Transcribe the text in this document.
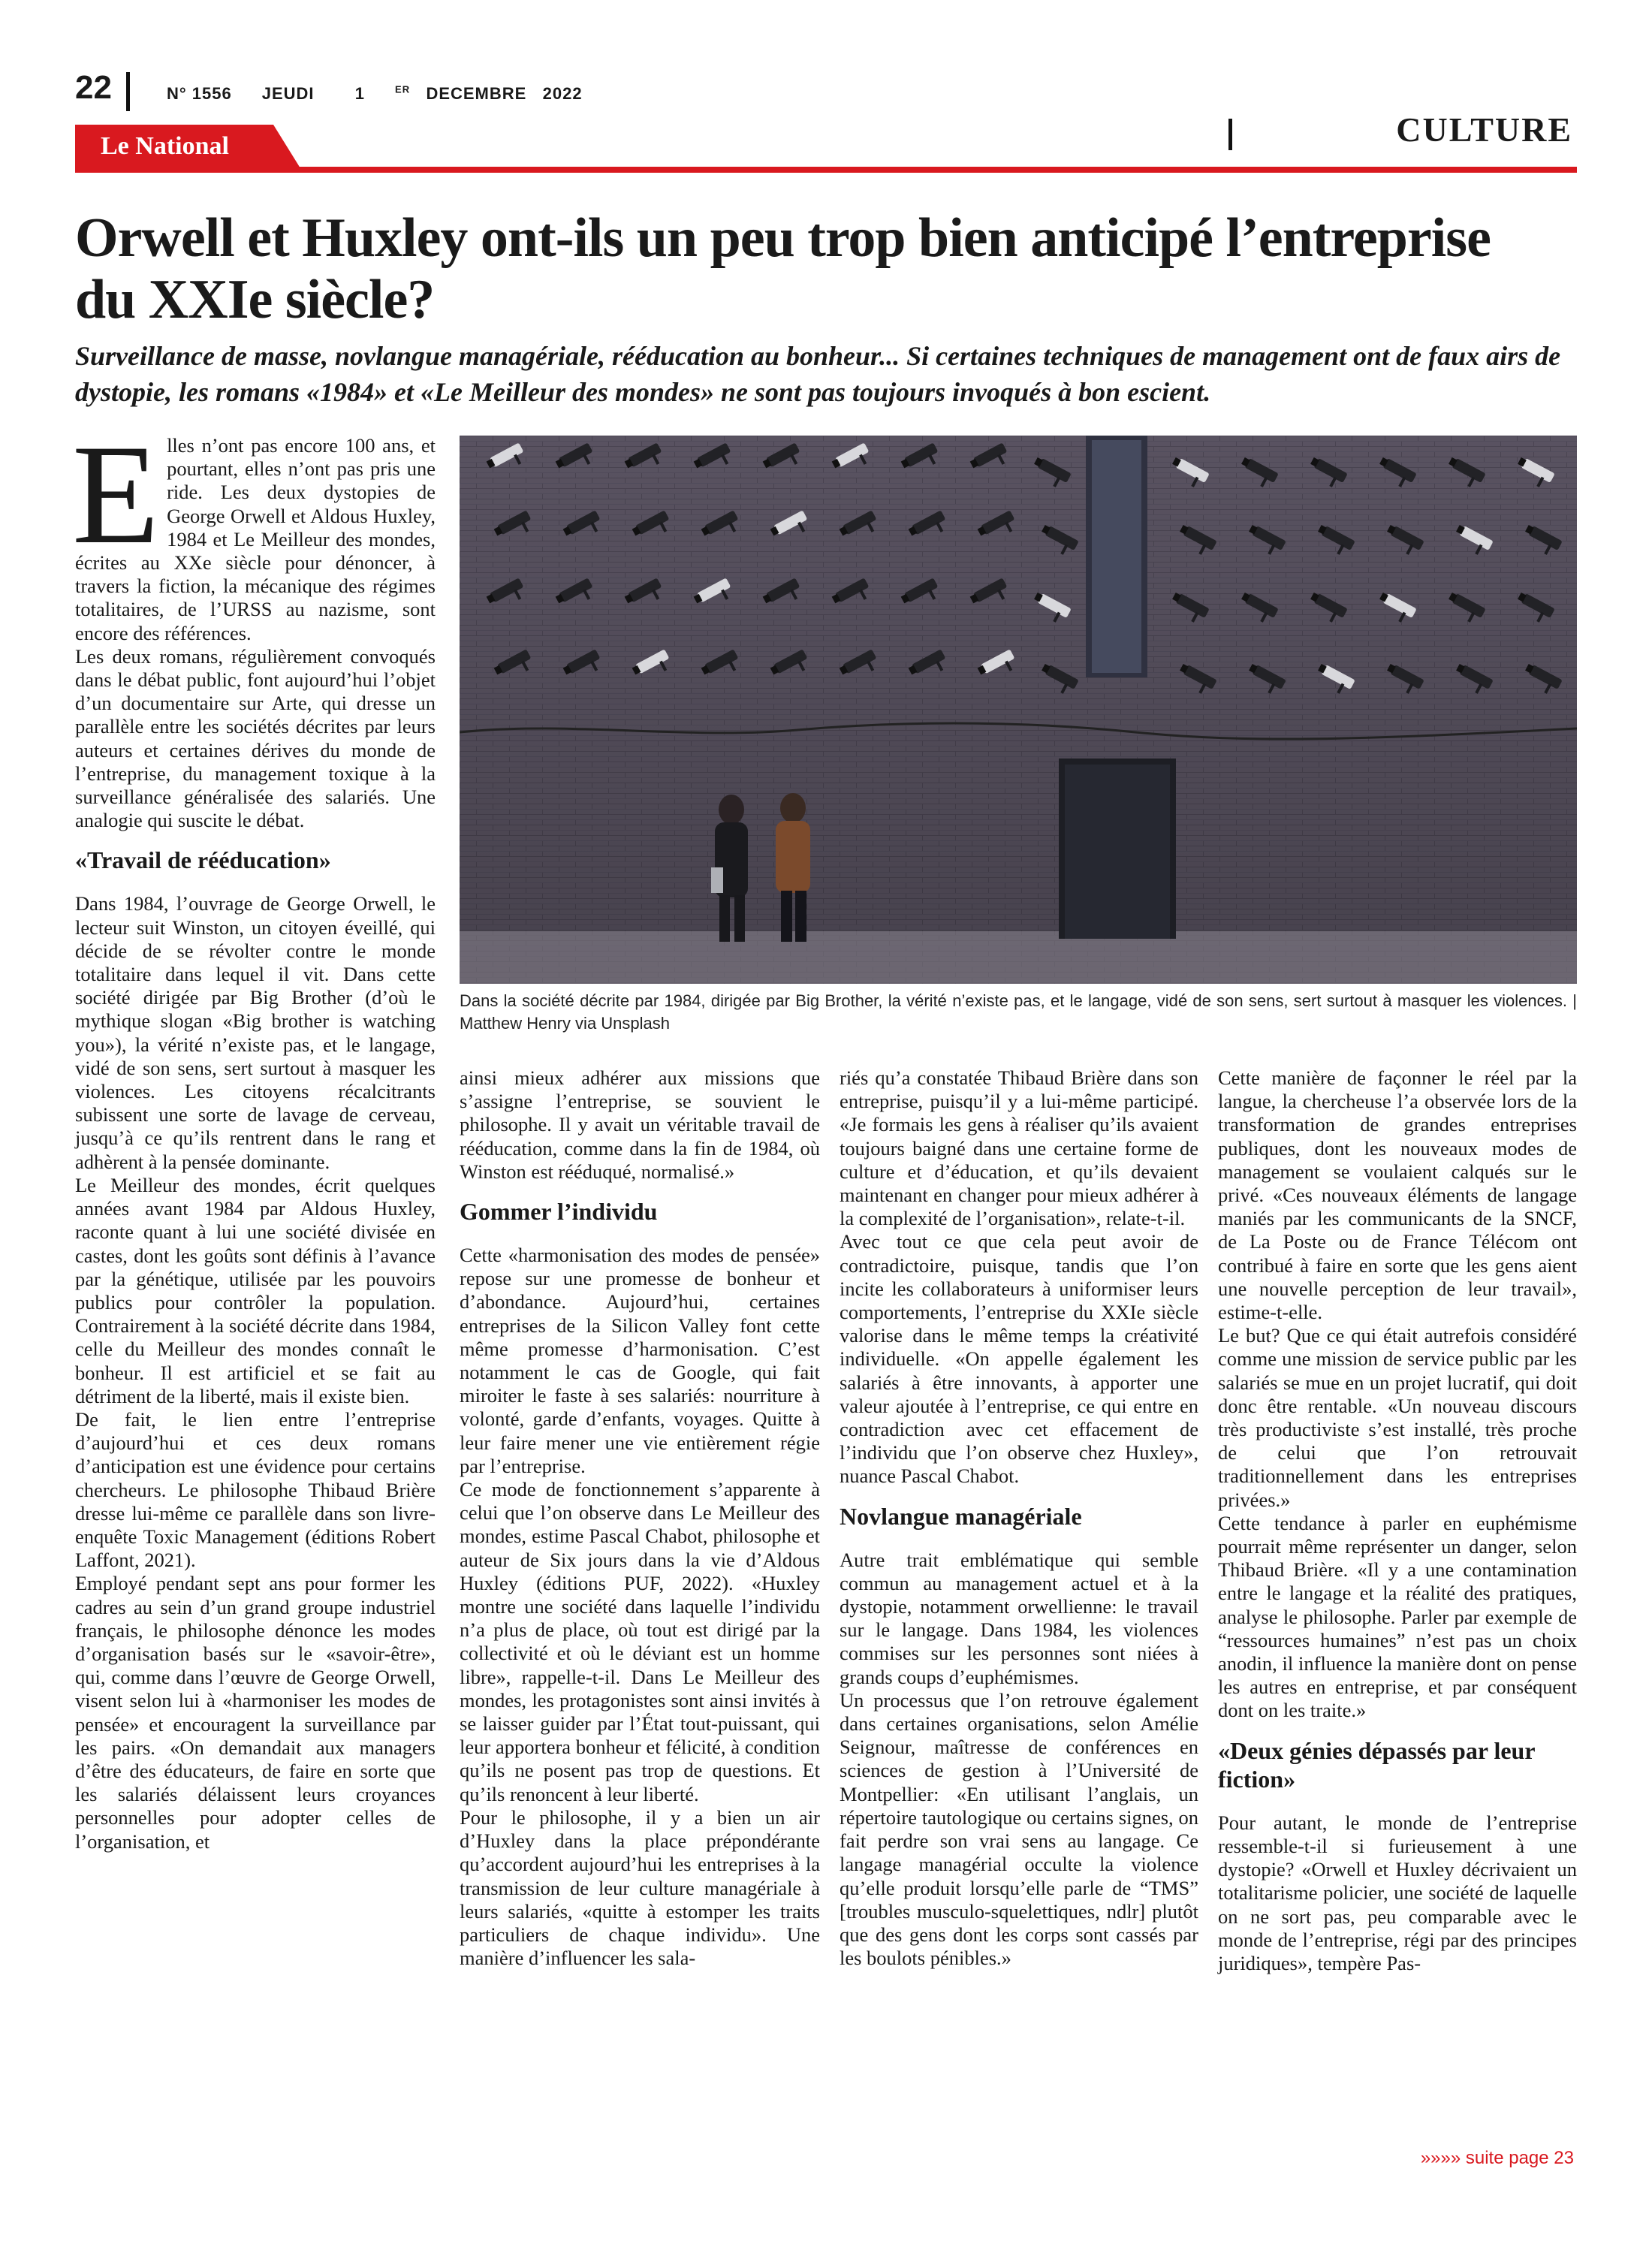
22	N° 1556 JEUDI 1	$^{ER}$ DECEMBRE   2022
Le National	CULTURE
Orwell et Huxley ont-ils un peu trop bien anticipé l’entreprise
du XXIe siècle?
Surveillance de masse, novlangue managériale, rééducation au bonheur... Si certaines techniques de management ont de faux airs de dystopie, les romans «1984» et «Le Meilleur des mondes» ne sont pas toujours invoqués à bon escient.
Dans la société décrite par 1984, dirigée par Big Brother, la vérité n’existe pas, et le langage, vidé de son sens, sert surtout à masquer les violences. | Matthew Henry via Unsplash
E lles n’ont pas encore 100 ans, et pourtant, elles n’ont pas pris une ride. Les deux dystopies de George Orwell et Aldous Huxley, 1984 et Le Meilleur des mondes, écrites au XXe siècle pour dénoncer, à travers la fiction, la mécanique des régimes totalitaires, de l’URSS au nazisme, sont encore des références.

Les deux romans, régulièrement convoqués dans le débat public, font aujourd’hui l’objet d’un documentaire sur Arte, qui dresse un parallèle entre les sociétés décrites par leurs auteurs et certaines dérives du monde de l’entreprise, du management toxique à la surveillance généralisée des salariés. Une analogie qui suscite le débat.

«Travail de rééducation»

Dans 1984, l’ouvrage de George Orwell, le lecteur suit Winston, un citoyen éveillé, qui décide de se révolter contre le monde totalitaire dans lequel il vit. Dans cette société dirigée par Big Brother (d’où le mythique slogan «Big brother is watching you»), la vérité n’existe pas, et le langage, vidé de son sens, sert surtout à masquer les violences. Les citoyens récalcitrants subissent une sorte de lavage de cerveau, jusqu’à ce qu’ils rentrent dans le rang et adhèrent à la pensée dominante.

Le Meilleur des mondes, écrit quelques années avant 1984 par Aldous Huxley, raconte quant à lui une société divisée en castes, dont les goûts sont définis à l’avance par la génétique, utilisée par les pouvoirs publics pour contrôler la population. Contrairement à la société décrite dans 1984, celle du Meilleur des mondes connaît le bonheur. Il est artificiel et se fait au détriment de la liberté, mais il existe bien.

De fait, le lien entre l’entreprise d’aujourd’hui et ces deux romans d’anticipation est une évidence pour certains chercheurs. Le philosophe Thibaud Brière dresse lui-même ce parallèle dans son livre-enquête Toxic Management (éditions Robert Laffont, 2021).

Employé pendant sept ans pour former les cadres au sein d’un grand groupe industriel français, le philosophe dénonce les modes d’organisation basés sur le «savoir-être», qui, comme dans l’œuvre de George Orwell, visent selon lui à «harmoniser les modes de pensée» et encouragent la surveillance par les pairs. «On demandait aux managers d’être des éducateurs, de faire en sorte que les salariés délaissent leurs croyances personnelles pour adopter celles de l’organisation, et

ainsi mieux adhérer aux missions que s’assigne l’entreprise, se souvient le philosophe. Il y avait un véritable travail de rééducation, comme dans la fin de 1984, où Winston est rééduqué, normalisé.»

Gommer l’individu

Cette «harmonisation des modes de pensée» repose sur une promesse de bonheur et d’abondance. Aujourd’hui, certaines entreprises de la Silicon Valley font cette même promesse d’harmonisation. C’est notamment le cas de Google, qui fait miroiter le faste à ses salariés: nourriture à volonté, garde d’enfants, voyages. Quitte à leur faire mener une vie entièrement régie par l’entreprise.

Ce mode de fonctionnement s’apparente à celui que l’on observe dans Le Meilleur des mondes, estime Pascal Chabot, philosophe et auteur de Six jours dans la vie d’Aldous Huxley (éditions PUF, 2022). «Huxley montre une société dans laquelle l’individu n’a plus de place, où tout est dirigé par la collectivité et où le déviant est un homme libre», rappelle-t-il. Dans Le Meilleur des mondes, les protagonistes sont ainsi invités à se laisser guider par l’État tout-puissant, qui leur apportera bonheur et félicité, à condition qu’ils ne posent pas trop de questions. Et qu’ils renoncent à leur liberté.

Pour le philosophe, il y a bien un air d’Huxley dans la place prépondérante qu’accordent aujourd’hui les entreprises à la transmission de leur culture managériale à leurs salariés, «quitte à estomper les traits particuliers de chaque individu». Une manière d’influencer les sala-

riés qu’a constatée Thibaud Brière dans son entreprise, puisqu’il y a lui-même participé. «Je formais les gens à réaliser qu’ils avaient toujours baigné dans une certaine forme de culture et d’éducation, et qu’ils devaient maintenant en changer pour mieux adhérer à la complexité de l’organisation», relate-t-il.

Avec tout ce que cela peut avoir de contradictoire, puisque, tandis que l’on incite les collaborateurs à uniformiser leurs comportements, l’entreprise du XXIe siècle valorise dans le même temps la créativité individuelle. «On appelle également les salariés à être innovants, à apporter une valeur ajoutée à l’entreprise, ce qui entre en contradiction avec cet effacement de l’individu que l’on observe chez Huxley», nuance Pascal Chabot.

Novlangue managériale

Autre trait emblématique qui semble commun au management actuel et à la dystopie, notamment orwellienne: le travail sur le langage. Dans 1984, les violences commises sur les personnes sont niées à grands coups d’euphémismes.

Un processus que l’on retrouve également dans certaines organisations, selon Amélie Seignour, maîtresse de conférences en sciences de gestion à l’Université de Montpellier: «En utilisant l’anglais, un répertoire tautologique ou certains signes, on fait perdre son vrai sens au langage. Ce langage managérial occulte la violence qu’elle produit lorsqu’elle parle de “TMS” [troubles musculo-squelettiques, ndlr] plutôt que des gens dont les corps sont cassés par les boulots pénibles.»

Cette manière de façonner le réel par la langue, la chercheuse l’a observée lors de la transformation de grandes entreprises publiques, dont les nouveaux modes de management se voulaient calqués sur le privé. «Ces nouveaux éléments de langage maniés par les communicants de la SNCF, de La Poste ou de France Télécom ont contribué à faire en sorte que les gens aient une nouvelle perception de leur travail», estime-t-elle.

Le but? Que ce qui était autrefois considéré comme une mission de service public par les salariés se mue en un projet lucratif, qui doit donc être rentable. «Un nouveau discours très productiviste s’est installé, très proche de celui que l’on retrouvait traditionnellement dans les entreprises privées.»

Cette tendance à parler en euphémisme pourrait même représenter un danger, selon Thibaud Brière. «Il y a une contamination entre le langage et la réalité des pratiques, analyse le philosophe. Parler par exemple de “ressources humaines” n’est pas un choix anodin, il influence la manière dont on pense les autres en entreprise, et par conséquent dont on les traite.»

«Deux génies dépassés par leur fiction»

Pour autant, le monde de l’entreprise ressemble-t-il si furieusement à une dystopie? «Orwell et Huxley décrivaient un totalitarisme policier, une société de laquelle on ne sort pas, peu comparable avec le monde de l’entreprise, régi par des principes juridiques», tempère Pas-

»»»» suite page 23
